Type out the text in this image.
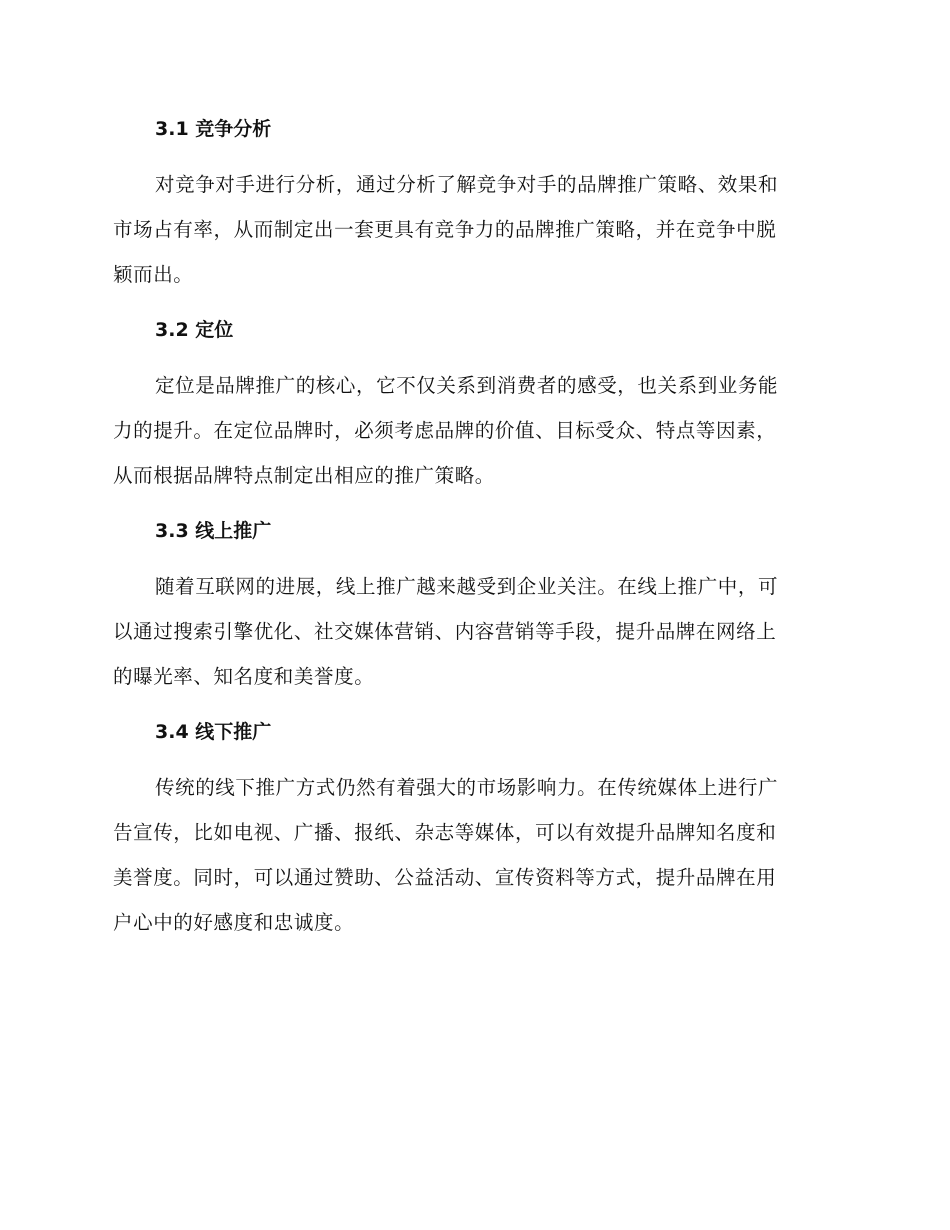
3.1 竞争分析
对竞争对手进行分析，通过分析了解竞争对手的品牌推广策略、效果和
市场占有率，从而制定出一套更具有竞争力的品牌推广策略，并在竞争中脱
颖而出。
3.2 定位
定位是品牌推广的核心，它不仅关系到消费者的感受，也关系到业务能
力的提升。在定位品牌时，必须考虑品牌的价值、目标受众、特点等因素，
从而根据品牌特点制定出相应的推广策略。
3.3 线上推广
随着互联网的进展，线上推广越来越受到企业关注。在线上推广中，可
以通过搜索引擎优化、社交媒体营销、内容营销等手段，提升品牌在网络上
的曝光率、知名度和美誉度。
3.4 线下推广
传统的线下推广方式仍然有着强大的市场影响力。在传统媒体上进行广
告宣传，比如电视、广播、报纸、杂志等媒体，可以有效提升品牌知名度和
美誉度。同时，可以通过赞助、公益活动、宣传资料等方式，提升品牌在用
户心中的好感度和忠诚度。
